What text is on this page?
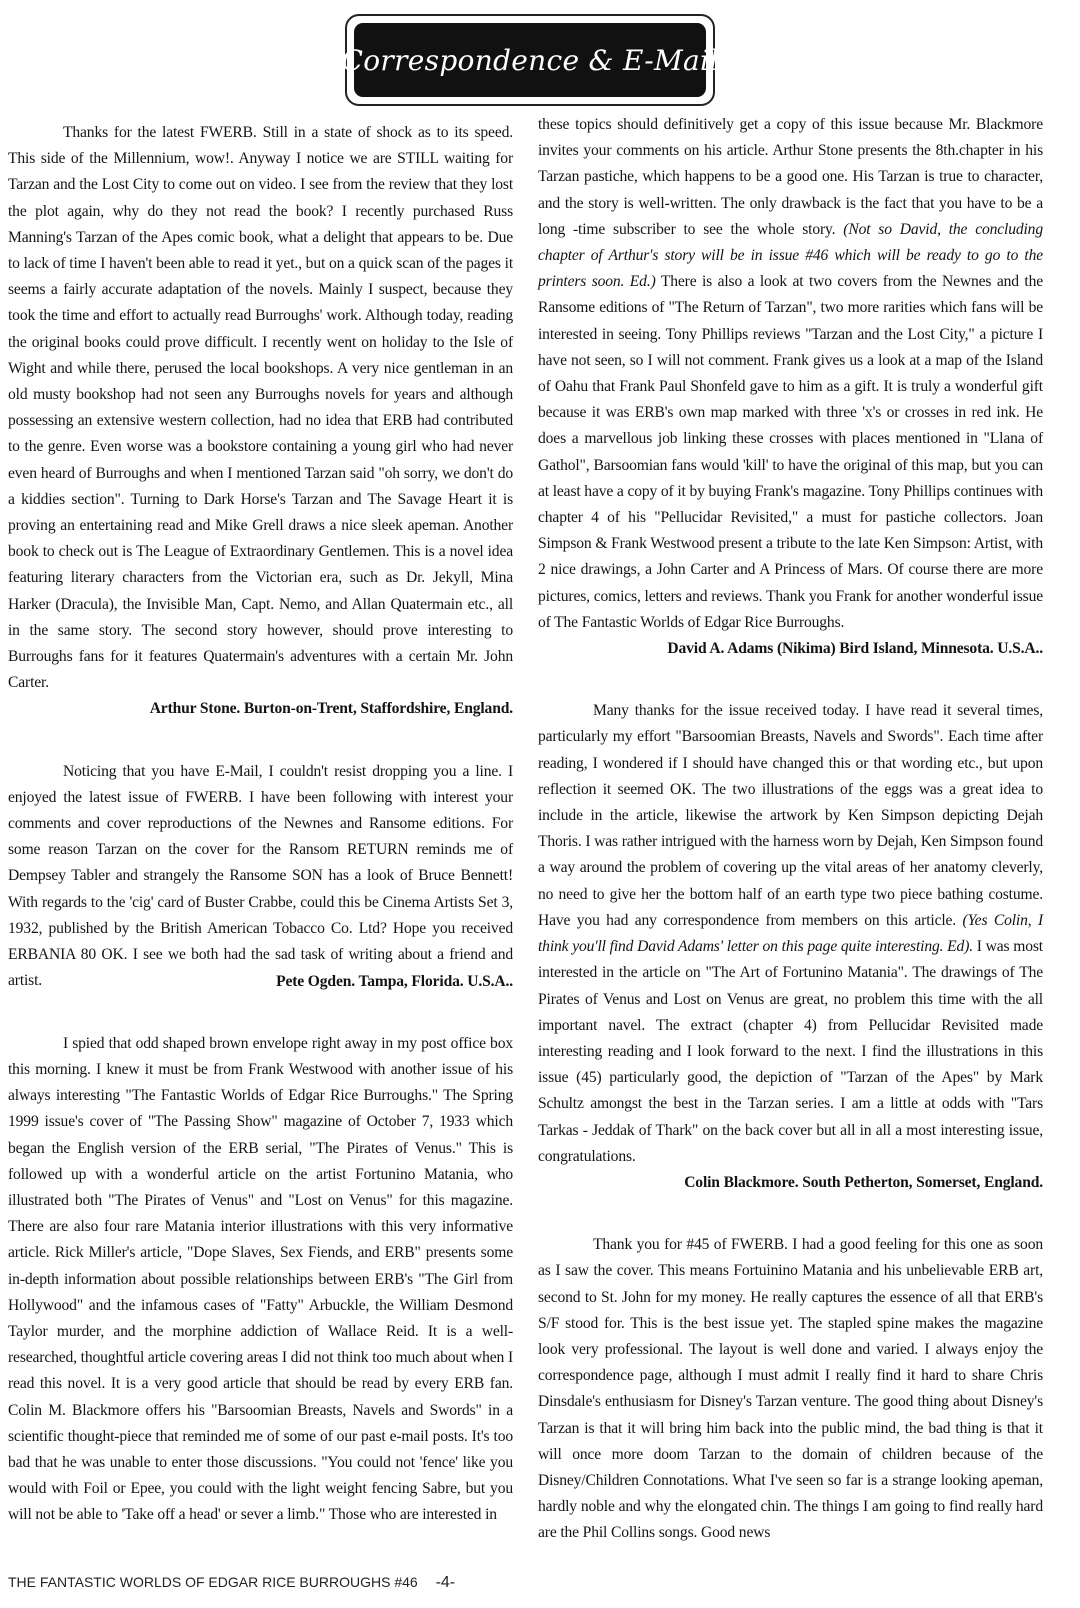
Correspondence & E-Mail

Thanks for the latest FWERB. Still in a state of shock as to its speed. This side of the Millennium, wow!. Anyway I notice we are STILL waiting for Tarzan and the Lost City to come out on video. I see from the review that they lost the plot again, why do they not read the book? I recently purchased Russ Manning's Tarzan of the Apes comic book, what a delight that appears to be. Due to lack of time I haven't been able to read it yet., but on a quick scan of the pages it seems a fairly accurate adaptation of the novels. Mainly I suspect, because they took the time and effort to actually read Burroughs' work. Although today, reading the original books could prove difficult. I recently went on holiday to the Isle of Wight and while there, perused the local bookshops. A very nice gentleman in an old musty bookshop had not seen any Burroughs novels for years and although possessing an extensive western collection, had no idea that ERB had contributed to the genre. Even worse was a bookstore containing a young girl who had never even heard of Burroughs and when I mentioned Tarzan said "oh sorry, we don't do a kiddies section". Turning to Dark Horse's Tarzan and The Savage Heart it is proving an entertaining read and Mike Grell draws a nice sleek apeman. Another book to check out is The League of Extraordinary Gentlemen. This is a novel idea featuring literary characters from the Victorian era, such as Dr. Jekyll, Mina Harker (Dracula), the Invisible Man, Capt. Nemo, and Allan Quatermain etc., all in the same story. The second story however, should prove interesting to Burroughs fans for it features Quatermain's adventures with a certain Mr. John Carter.

Arthur Stone. Burton-on-Trent, Staffordshire, England.

Noticing that you have E-Mail, I couldn't resist dropping you a line. I enjoyed the latest issue of FWERB. I have been following with interest your comments and cover reproductions of the Newnes and Ransome editions. For some reason Tarzan on the cover for the Ransom RETURN reminds me of Dempsey Tabler and strangely the Ransome SON has a look of Bruce Bennett! With regards to the 'cig' card of Buster Crabbe, could this be Cinema Artists Set 3, 1932, published by the British American Tobacco Co. Ltd? Hope you received ERBANIA 80 OK. I see we both had the sad task of writing about a friend and artist.	Pete Ogden. Tampa, Florida. U.S.A..

I spied that odd shaped brown envelope right away in my post office box this morning. I knew it must be from Frank Westwood with another issue of his always interesting "The Fantastic Worlds of Edgar Rice Burroughs." The Spring 1999 issue's cover of "The Passing Show" magazine of October 7, 1933 which began the English version of the ERB serial, "The Pirates of Venus." This is followed up with a wonderful article on the artist Fortunino Matania, who illustrated both "The Pirates of Venus" and "Lost on Venus" for this magazine. There are also four rare Matania interior illustrations with this very informative article. Rick Miller's article, "Dope Slaves, Sex Fiends, and ERB" presents some in-depth information about possible relationships between ERB's "The Girl from Hollywood" and the infamous cases of "Fatty" Arbuckle, the William Desmond Taylor murder, and the morphine addiction of Wallace Reid. It is a well-researched, thoughtful article covering areas I did not think too much about when I read this novel. It is a very good article that should be read by every ERB fan. Colin M. Blackmore offers his "Barsoomian Breasts, Navels and Swords" in a scientific thought-piece that reminded me of some of our past e-mail posts. It's too bad that he was unable to enter those discussions. "You could not 'fence' like you would with Foil or Epee, you could with the light weight fencing Sabre, but you will not be able to 'Take off a head' or sever a limb." Those who are interested in

these topics should definitively get a copy of this issue because Mr. Blackmore invites your comments on his article. Arthur Stone presents the 8th.chapter in his Tarzan pastiche, which happens to be a good one. His Tarzan is true to character, and the story is well-written. The only drawback is the fact that you have to be a long -time subscriber to see the whole story. (Not so David, the concluding chapter of Arthur's story will be in issue #46 which will be ready to go to the printers soon. Ed.) There is also a look at two covers from the Newnes and the Ransome editions of "The Return of Tarzan", two more rarities which fans will be interested in seeing. Tony Phillips reviews "Tarzan and the Lost City," a picture I have not seen, so I will not comment. Frank gives us a look at a map of the Island of Oahu that Frank Paul Shonfeld gave to him as a gift. It is truly a wonderful gift because it was ERB's own map marked with three 'x's or crosses in red ink. He does a marvellous job linking these crosses with places mentioned in "Llana of Gathol", Barsoomian fans would 'kill' to have the original of this map, but you can at least have a copy of it by buying Frank's magazine. Tony Phillips continues with chapter 4 of his "Pellucidar Revisited," a must for pastiche collectors. Joan Simpson & Frank Westwood present a tribute to the late Ken Simpson: Artist, with 2 nice drawings, a John Carter and A Princess of Mars. Of course there are more pictures, comics, letters and reviews. Thank you Frank for another wonderful issue of The Fantastic Worlds of Edgar Rice Burroughs.

David A. Adams (Nikima) Bird Island, Minnesota. U.S.A..

Many thanks for the issue received today. I have read it several times, particularly my effort "Barsoomian Breasts, Navels and Swords". Each time after reading, I wondered if I should have changed this or that wording etc., but upon reflection it seemed OK. The two illustrations of the eggs was a great idea to include in the article, likewise the artwork by Ken Simpson depicting Dejah Thoris. I was rather intrigued with the harness worn by Dejah, Ken Simpson found a way around the problem of covering up the vital areas of her anatomy cleverly, no need to give her the bottom half of an earth type two piece bathing costume. Have you had any correspondence from members on this article. (Yes Colin, I think you'll find David Adams' letter on this page quite interesting. Ed). I was most interested in the article on "The Art of Fortunino Matania". The drawings of The Pirates of Venus and Lost on Venus are great, no problem this time with the all important navel. The extract (chapter 4) from Pellucidar Revisited made interesting reading and I look forward to the next. I find the illustrations in this issue (45) particularly good, the depiction of "Tarzan of the Apes" by Mark Schultz amongst the best in the Tarzan series. I am a little at odds with "Tars Tarkas - Jeddak of Thark" on the back cover but all in all a most interesting issue, congratulations.

Colin Blackmore. South Petherton, Somerset, England.

Thank you for #45 of FWERB. I had a good feeling for this one as soon as I saw the cover. This means Fortuinino Matania and his unbelievable ERB art, second to St. John for my money. He really captures the essence of all that ERB's S/F stood for. This is the best issue yet. The stapled spine makes the magazine look very professional. The layout is well done and varied. I always enjoy the correspondence page, although I must admit I really find it hard to share Chris Dinsdale's enthusiasm for Disney's Tarzan venture. The good thing about Disney's Tarzan is that it will bring him back into the public mind, the bad thing is that it will once more doom Tarzan to the domain of children because of the Disney/Children Connotations. What I've seen so far is a strange looking apeman, hardly noble and why the elongated chin. The things I am going to find really hard are the Phil Collins songs. Good news

THE FANTASTIC WORLDS OF EDGAR RICE BURROUGHS #46 -4-
